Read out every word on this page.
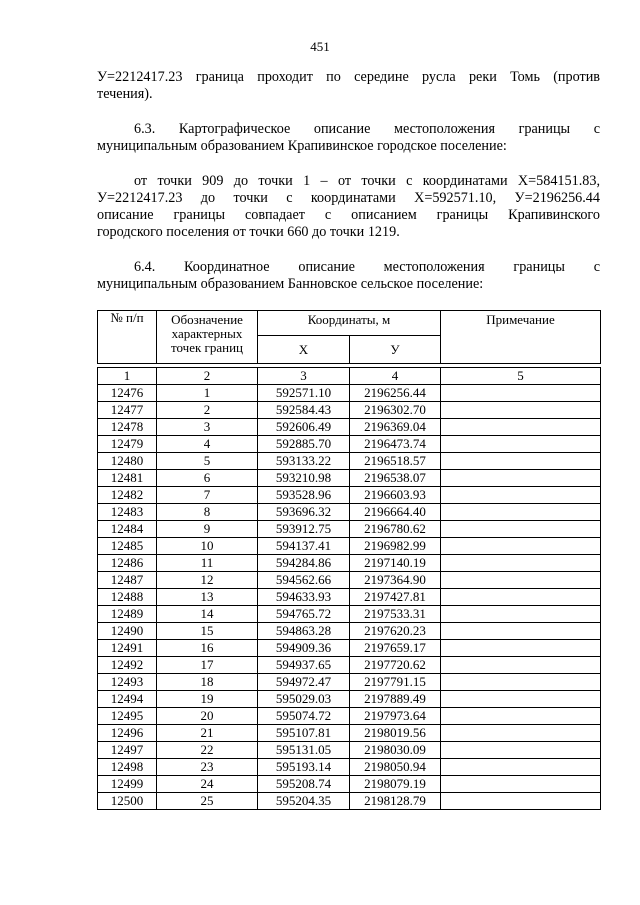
451
У=2212417.23 граница проходит по середине русла реки Томь (против
течения).
6.3. Картографическое описание местоположения границы с
муниципальным образованием Крапивинское городское поселение:
от точки 909 до точки 1 – от точки с координатами Х=584151.83,
У=2212417.23 до точки с координатами Х=592571.10, У=2196256.44
описание границы совпадает с описанием границы Крапивинского
городского поселения от точки 660 до точки 1219.
6.4. Координатное описание местоположения границы с
муниципальным образованием Банновское сельское поселение:
№ п/п	Обозначение характерных точек границ	Координаты, м		Примечание
		Х	У	

1	2	3	4	5
12476	1	592571.10	2196256.44	
12477	2	592584.43	2196302.70	
12478	3	592606.49	2196369.04	
12479	4	592885.70	2196473.74	
12480	5	593133.22	2196518.57	
12481	6	593210.98	2196538.07	
12482	7	593528.96	2196603.93	
12483	8	593696.32	2196664.40	
12484	9	593912.75	2196780.62	
12485	10	594137.41	2196982.99	
12486	11	594284.86	2197140.19	
12487	12	594562.66	2197364.90	
12488	13	594633.93	2197427.81	
12489	14	594765.72	2197533.31	
12490	15	594863.28	2197620.23	
12491	16	594909.36	2197659.17	
12492	17	594937.65	2197720.62	
12493	18	594972.47	2197791.15	
12494	19	595029.03	2197889.49	
12495	20	595074.72	2197973.64	
12496	21	595107.81	2198019.56	
12497	22	595131.05	2198030.09	
12498	23	595193.14	2198050.94	
12499	24	595208.74	2198079.19	
12500	25	595204.35	2198128.79	
